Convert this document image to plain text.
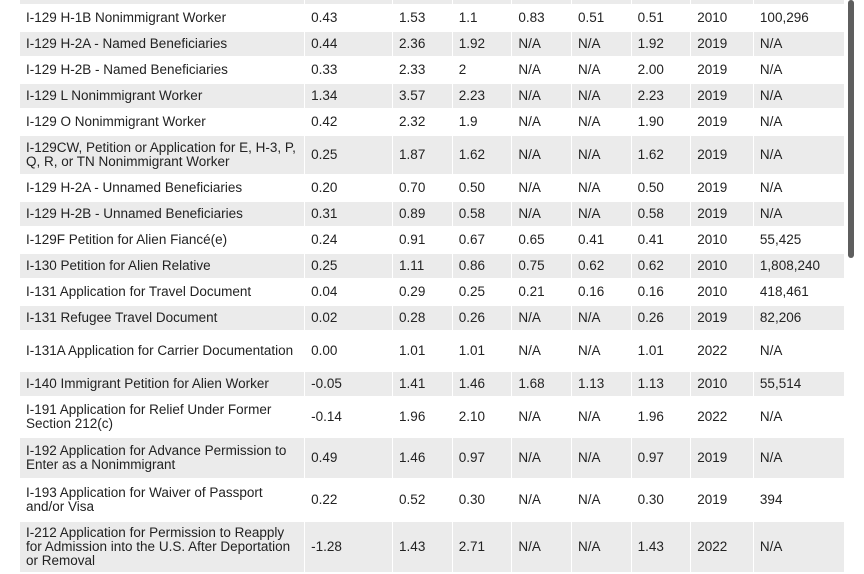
I-129 H-1B Nonimmigrant Worker	0.43	1.53	1.1	0.83	0.51	0.51	2010	100,296
I-129 H-2A - Named Beneficiaries	0.44	2.36	1.92	N/A	N/A	1.92	2019	N/A
I-129 H-2B - Named Beneficiaries	0.33	2.33	2	N/A	N/A	2.00	2019	N/A
I-129 L Nonimmigrant Worker	1.34	3.57	2.23	N/A	N/A	2.23	2019	N/A
I-129 O Nonimmigrant Worker	0.42	2.32	1.9	N/A	N/A	1.90	2019	N/A
I-129CW, Petition or Application for E, H-3, P, Q, R, or TN Nonimmigrant Worker	0.25	1.87	1.62	N/A	N/A	1.62	2019	N/A
I-129 H-2A - Unnamed Beneficiaries	0.20	0.70	0.50	N/A	N/A	0.50	2019	N/A
I-129 H-2B - Unnamed Beneficiaries	0.31	0.89	0.58	N/A	N/A	0.58	2019	N/A
I-129F Petition for Alien Fiancé(e)	0.24	0.91	0.67	0.65	0.41	0.41	2010	55,425
I-130 Petition for Alien Relative	0.25	1.11	0.86	0.75	0.62	0.62	2010	1,808,240
I-131 Application for Travel Document	0.04	0.29	0.25	0.21	0.16	0.16	2010	418,461
I-131 Refugee Travel Document	0.02	0.28	0.26	N/A	N/A	0.26	2019	82,206
I-131A Application for Carrier Documentation	0.00	1.01	1.01	N/A	N/A	1.01	2022	N/A
I-140 Immigrant Petition for Alien Worker	-0.05	1.41	1.46	1.68	1.13	1.13	2010	55,514
I-191 Application for Relief Under Former Section 212(c)	-0.14	1.96	2.10	N/A	N/A	1.96	2022	N/A
I-192 Application for Advance Permission to Enter as a Nonimmigrant	0.49	1.46	0.97	N/A	N/A	0.97	2019	N/A
I-193 Application for Waiver of Passport and/or Visa	0.22	0.52	0.30	N/A	N/A	0.30	2019	394
I-212 Application for Permission to Reapply for Admission into the U.S. After Deportation or Removal	-1.28	1.43	2.71	N/A	N/A	1.43	2022	N/A
